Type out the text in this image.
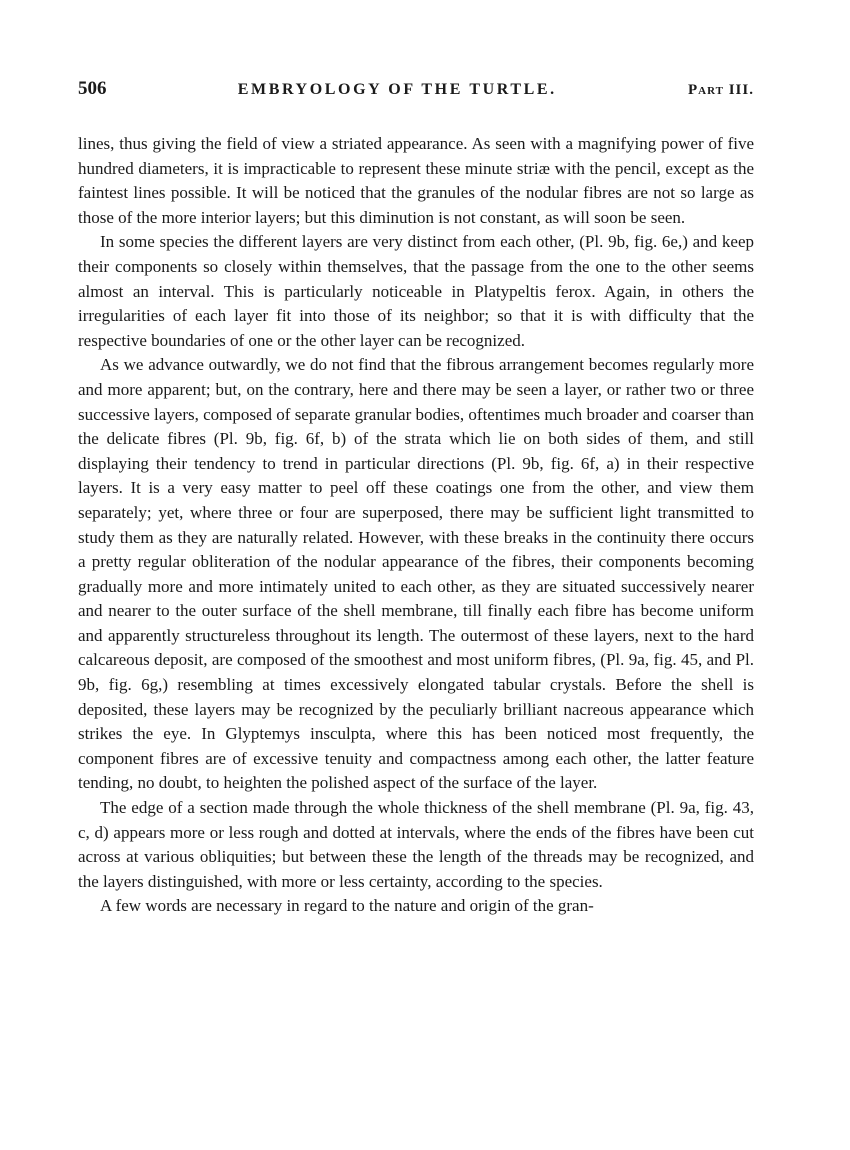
506	EMBRYOLOGY OF THE TURTLE.	Part III.

lines, thus giving the field of view a striated appearance. As seen with a magnifying power of five hundred diameters, it is impracticable to represent these minute striæ with the pencil, except as the faintest lines possible. It will be noticed that the granules of the nodular fibres are not so large as those of the more interior layers; but this diminution is not constant, as will soon be seen.

In some species the different layers are very distinct from each other, (Pl. 9b, fig. 6e,) and keep their components so closely within themselves, that the passage from the one to the other seems almost an interval. This is particularly noticeable in Platypeltis ferox. Again, in others the irregularities of each layer fit into those of its neighbor; so that it is with difficulty that the respective boundaries of one or the other layer can be recognized.

As we advance outwardly, we do not find that the fibrous arrangement becomes regularly more and more apparent; but, on the contrary, here and there may be seen a layer, or rather two or three successive layers, composed of separate granular bodies, oftentimes much broader and coarser than the delicate fibres (Pl. 9b, fig. 6f, b) of the strata which lie on both sides of them, and still displaying their tendency to trend in particular directions (Pl. 9b, fig. 6f, a) in their respective layers. It is a very easy matter to peel off these coatings one from the other, and view them separately; yet, where three or four are superposed, there may be sufficient light transmitted to study them as they are naturally related. However, with these breaks in the continuity there occurs a pretty regular obliteration of the nodular appearance of the fibres, their components becoming gradually more and more intimately united to each other, as they are situated successively nearer and nearer to the outer surface of the shell membrane, till finally each fibre has become uniform and apparently structureless throughout its length. The outermost of these layers, next to the hard calcareous deposit, are composed of the smoothest and most uniform fibres, (Pl. 9a, fig. 45, and Pl. 9b, fig. 6g,) resembling at times excessively elongated tabular crystals. Before the shell is deposited, these layers may be recognized by the peculiarly brilliant nacreous appearance which strikes the eye. In Glyptemys insculpta, where this has been noticed most frequently, the component fibres are of excessive tenuity and compactness among each other, the latter feature tending, no doubt, to heighten the polished aspect of the surface of the layer.

The edge of a section made through the whole thickness of the shell membrane (Pl. 9a, fig. 43, c, d) appears more or less rough and dotted at intervals, where the ends of the fibres have been cut across at various obliquities; but between these the length of the threads may be recognized, and the layers distinguished, with more or less certainty, according to the species.

A few words are necessary in regard to the nature and origin of the gran-
